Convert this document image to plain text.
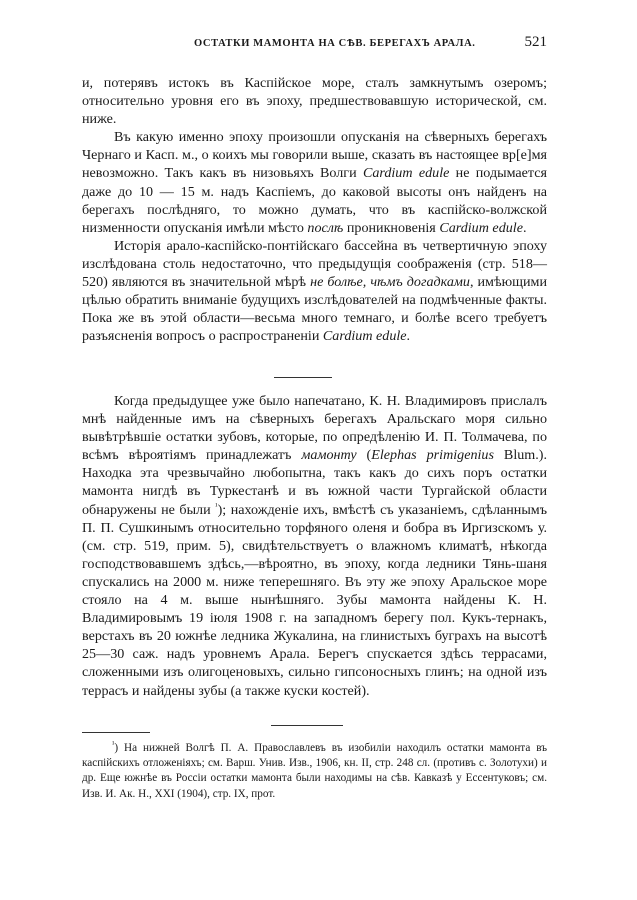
ОСТАТКИ МАМОНТА НА СѢВ. БЕРЕГАХЪ АРАЛА.	521

и, потерявъ истокъ въ Каспійское море, сталъ замкнутымъ озеромъ; относительно уровня его въ эпоху, предшествовавшую исторической, см. ниже.

Въ какую именно эпоху произошли опусканія на сѣверныхъ берегахъ Чернаго и Касп. м., о коихъ мы говорили выше, сказать въ настоящее вр[е]мя невозможно. Такъ какъ въ низовьяхъ Волги Cardium edule не подымается даже до 10 — 15 м. надъ Каспіемъ, до каковой высоты онъ найденъ на берегахъ послѣдняго, то можно думать, что въ каспійско-волжской низменности опусканія имѣли мѣсто послѣ проникновенія Cardium edule.

Исторія арало-каспійско-понтійскаго бассейна въ четвертичную эпоху изслѣдована столь недостаточно, что предыдущія соображенія (стр. 518—520) являются въ значительной мѣрѣ не болѣе, чѣмъ догадками, имѣющими цѣлью обратить вниманіе будущихъ изслѣдователей на подмѣченные факты. Пока же въ этой области—весьма много темнаго, и болѣе всего требуетъ разъясненія вопросъ о распространеніи Cardium edule.

Когда предыдущее уже было напечатано, К. Н. Владимировъ прислалъ мнѣ найденные имъ на сѣверныхъ берегахъ Аральскаго моря сильно вывѣтрѣвшіе остатки зубовъ, которые, по опредѣленію И. П. Толмачева, по всѣмъ вѣроятіямъ принадлежатъ мамонту (Elephas primigenius Blum.). Находка эта чрезвычайно любопытна, такъ какъ до сихъ поръ остатки мамонта нигдѣ въ Туркестанѣ и въ южной части Тургайской области обнаружены не были $^{^1}$); нахожденіе ихъ, вмѣстѣ съ указаніемъ, сдѣланнымъ П. П. Сушкинымъ относительно торфяного оленя и бобра въ Иргизскомъ у. (см. стр. 519, прим. 5), свидѣтельствуетъ о влажномъ климатѣ, нѣкогда господствовавшемъ здѣсь,—вѣроятно, въ эпоху, когда ледники Тянь-шаня спускались на 2000 м. ниже теперешняго. Въ эту же эпоху Аральское море стояло на 4 м. выше нынѣшняго. Зубы мамонта найдены К. Н. Владимировымъ 19 іюля 1908 г. на западномъ берегу пол. Кукъ-тернакъ, верстахъ въ 20 южнѣе ледника Жукалина, на глинистыхъ буграхъ на высотѣ 25—30 саж. надъ уровнемъ Арала. Берегъ спускается здѣсь террасами, сложенными изъ олигоценовыхъ, сильно гипсоносныхъ глинъ; на одной изъ террасъ и найдены зубы (а также куски костей).

$^{^1}$) На нижней Волгѣ П. А. Православлевъ въ изобиліи находилъ остатки мамонта въ каспійскихъ отложеніяхъ; см. Варш. Унив. Изв., 1906, кн. II, стр. 248 сл. (противъ с. Золотухи) и др. Еще южнѣе въ Россіи остатки мамонта были находимы на сѣв. Кавказѣ у Ессентуковъ; см. Изв. И. Ак. Н., XXI (1904), стр. IX, прот.
